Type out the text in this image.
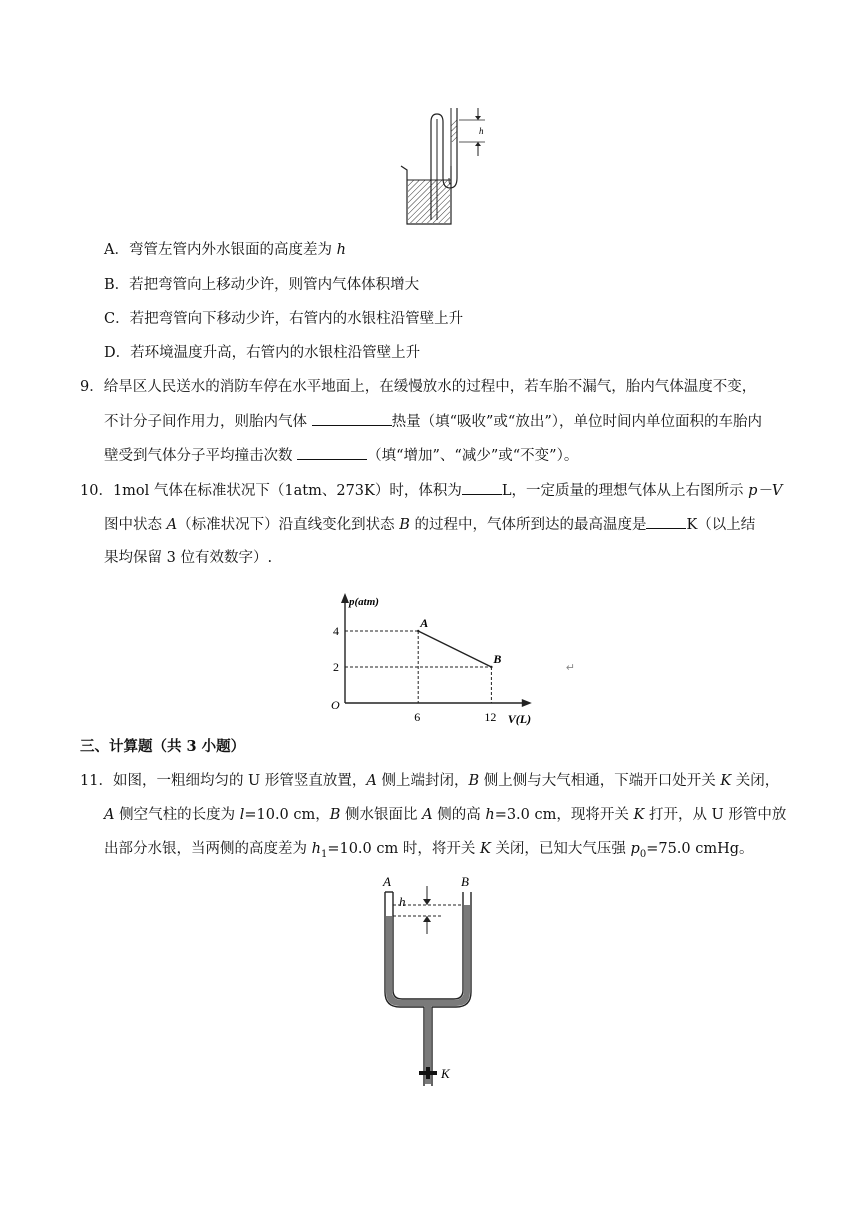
h
A．弯管左管内外水银面的高度差为 h
B．若把弯管向上移动少许，则管内气体体积增大
C．若把弯管向下移动少许，右管内的水银柱沿管壁上升
D．若环境温度升高，右管内的水银柱沿管壁上升
9．给旱区人民送水的消防车停在水平地面上，在缓慢放水的过程中，若车胎不漏气，胎内气体温度不变，
不计分子间作用力，则胎内气体	热量（填“吸收”或“放出”），单位时间内单位面积的车胎内
壁受到气体分子平均撞击次数	（填“增加”、“减少”或“不变”）。
10．1mol 气体在标准状况下（1atm、273K）时，体积为	L，一定质量的理想气体从上右图所示 p－V
图中状态 A（标准状况下）沿直线变化到状态 B 的过程中，气体所到达的最高温度是	K（以上结
果均保留 3 位有效数字）.
p(atm)
V(L)
O
6	12
4
2
A
B
↵
三、计算题（共 3 小题）
11．如图，一粗细均匀的 U 形管竖直放置，A 侧上端封闭，B 侧上侧与大气相通，下端开口处开关 K 关闭，
A 侧空气柱的长度为 l=10.0 cm，B 侧水银面比 A 侧的高 h=3.0 cm，现将开关 K 打开，从 U 形管中放
出部分水银，当两侧的高度差为 $h_1=10.0$ cm 时，将开关 K 关闭，已知大气压强 $p_0=75.0$ cmHg。
A	B
h
K
